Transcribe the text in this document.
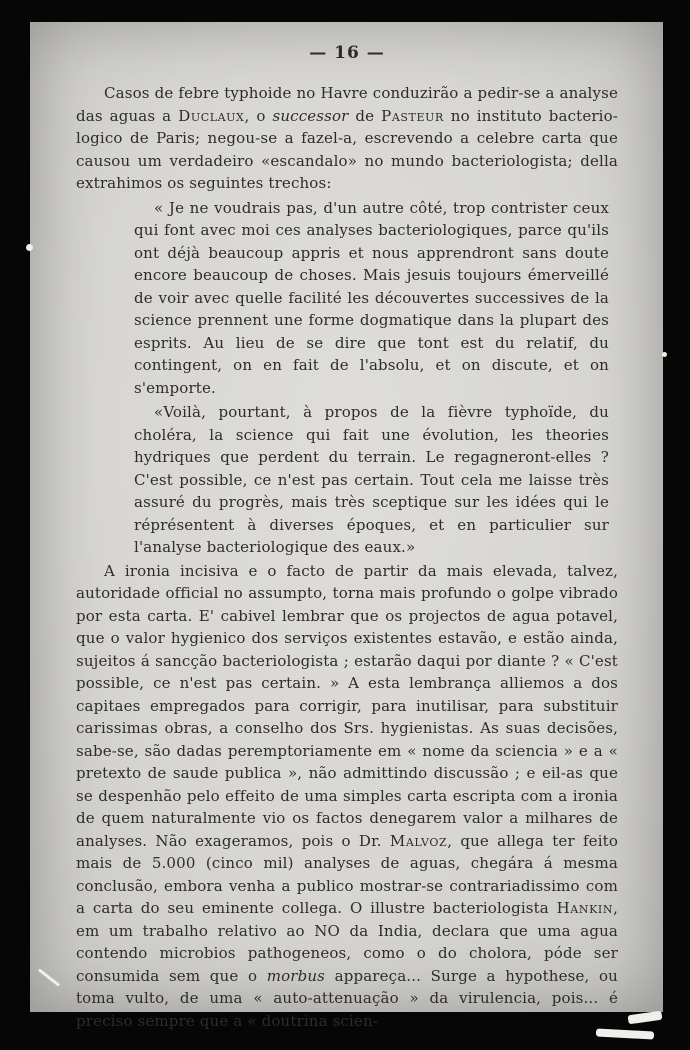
— 16 —

Casos de febre typhoide no Havre conduzirão a pedir-se a analyse das aguas a Duclaux, o successor de Pasteur no instituto bacterio-logico de Paris; negou-se a fazel-a, escrevendo a celebre carta que causou um verdadeiro «escandalo» no mundo bacteriologista; della extrahimos os seguintes trechos:

« Je ne voudrais pas, d'un autre côté, trop contrister ceux qui font avec moi ces analyses bacteriologiques, parce qu'ils ont déjà beaucoup appris et nous apprendront sans doute encore beaucoup de choses. Mais jesuis toujours émerveillé de voir avec quelle facilité les découvertes successives de la science prennent une forme dogmatique dans la plupart des esprits. Au lieu de se dire que tont est du relatif, du contingent, on en fait de l'absolu, et on discute, et on s'emporte.

«Voilà, pourtant, à propos de la fièvre typhoïde, du choléra, la science qui fait une évolution, les theories hydriques que perdent du terrain. Le regagneront-elles ? C'est possible, ce n'est pas certain. Tout cela me laisse très assuré du progrès, mais très sceptique sur les idées qui le réprésentent à diverses époques, et en particulier sur l'analyse bacteriologique des eaux.»

A ironia incisiva e o facto de partir da mais elevada, talvez, autoridade official no assumpto, torna mais profundo o golpe vibrado por esta carta. E' cabivel lembrar que os projectos de agua potavel, que o valor hygienico dos serviços existentes estavão, e estão ainda, sujeitos á sancção bacteriologista ; estarão daqui por diante ? « C'est possible, ce n'est pas certain. » A esta lembrança alliemos a dos capitaes empregados para corrigir, para inutilisar, para substituir carissimas obras, a conselho dos Srs. hygienistas. As suas decisões, sabe-se, são dadas peremptoriamente em « nome da sciencia » e a « pretexto de saude publica », não admittindo discussão ; e eil-as que se despenhão pelo effeito de uma simples carta escripta com a ironia de quem naturalmente vio os factos denegarem valor a milhares de analyses. Não exageramos, pois o Dr. Malvoz, que allega ter feito mais de 5.000 (cinco mil) analyses de aguas, chegára á mesma conclusão, embora venha a publico mostrar-se contrariadissimo com a carta do seu eminente collega. O illustre bacteriologista Hankin, em um trabalho relativo ao NO da India, declara que uma agua contendo microbios pathogeneos, como o do cholora, póde ser consumida sem que o morbus appareça... Surge a hypothese, ou toma vulto, de uma « auto-attenuação » da virulencia, pois... é preciso sempre que a « doutrina scien-
